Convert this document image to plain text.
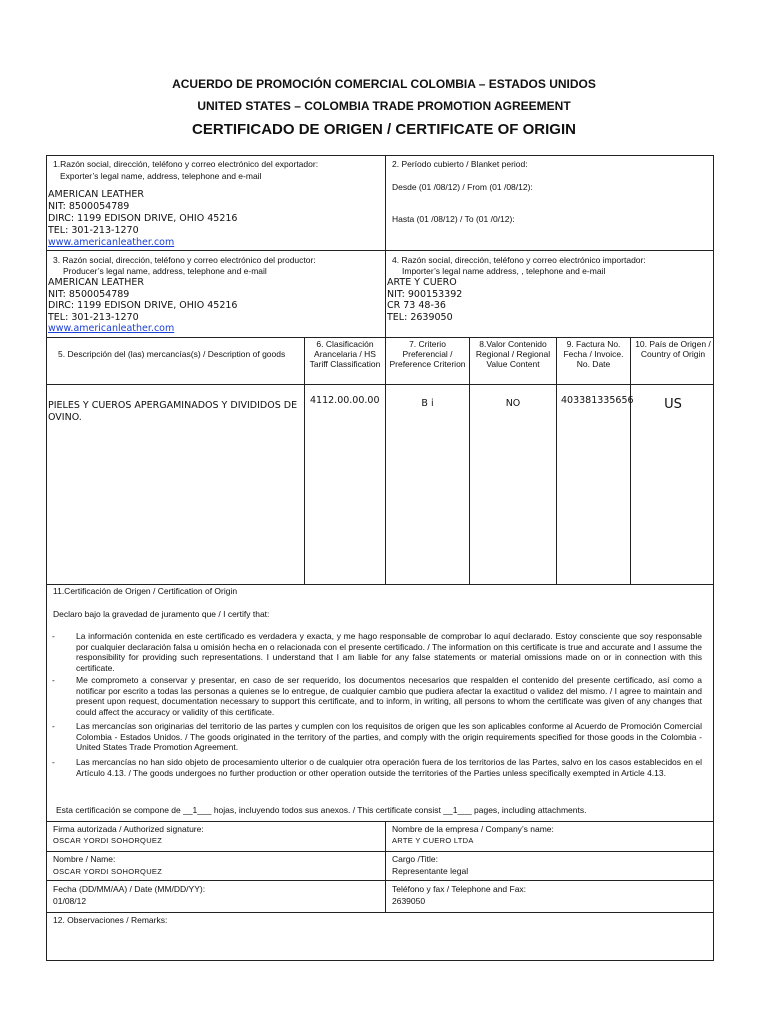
ACUERDO DE PROMOCIÓN COMERCIAL COLOMBIA – ESTADOS UNIDOS
UNITED STATES – COLOMBIA TRADE PROMOTION AGREEMENT
CERTIFICADO DE ORIGEN / CERTIFICATE OF ORIGIN
1.Razón social, dirección, teléfono y correo electrónico del exportador:
Exporter’s legal name, address, telephone and e-mail
AMERICAN LEATHER
NIT: 8500054789
DIRC: 1199 EDISON DRIVE, OHIO 45216
TEL: 301-213-1270
www.americanleather.com
2. Período cubierto / Blanket period:
Desde (01 /08/12) / From (01 /08/12):
Hasta (01 /08/12) / To (01 /0/12):
3. Razón social, dirección, teléfono y correo electrónico del productor:
Producer’s legal name, address, telephone and e-mail
AMERICAN LEATHER
NIT: 8500054789
DIRC: 1199 EDISON DRIVE, OHIO 45216
TEL: 301-213-1270
www.americanleather.com
4. Razón social, dirección, teléfono y correo electrónico importador:
Importer’s legal name address, , telephone and e-mail
ARTE Y CUERO
NIT: 900153392
CR 73 48-36
TEL: 2639050
5. Descripción del (las) mercancías(s) / Description of goods
6. Clasificación Arancelaria / HS Tariff Classification
7. Criterio Preferencial / Preference Criterion
8.Valor Contenido Regional / Regional Value Content
9. Factura No. Fecha / Invoice. No. Date
10. País de Origen / Country of Origin
PIELES Y CUEROS APERGAMINADOS Y DIVIDIDOS DE OVINO.
4112.00.00.00	B i	NO	403381335656	US
11.Certificación de Origen / Certification of Origin
Declaro bajo la gravedad de juramento que / I certify that:
- La información contenida en este certificado es verdadera y exacta, y me hago responsable de comprobar lo aquí declarado. Estoy consciente que soy responsable por cualquier declaración falsa u omisión hecha en o relacionada con el presente certificado. / The information on this certificate is true and accurate and I assume the responsibility for providing such representations. I understand that I am liable for any false statements or material omissions made on or in connection with this certificate.
- Me comprometo a conservar y presentar, en caso de ser requerido, los documentos necesarios que respalden el contenido del presente certificado, así como a notificar por escrito a todas las personas a quienes se lo entregue, de cualquier cambio que pudiera afectar la exactitud o validez del mismo. / I agree to maintain and present upon request, documentation necessary to support this certificate, and to inform, in writing, all persons to whom the certificate was given of any changes that could affect the accuracy or validity of this certificate.
- Las mercancías son originarias del territorio de las partes y cumplen con los requisitos de origen que les son aplicables conforme al Acuerdo de Promoción Comercial Colombia - Estados Unidos. / The goods originated in the territory of the parties, and comply with the origin requirements specified for those goods in the Colombia - United States Trade Promotion Agreement.
- Las mercancías no han sido objeto de procesamiento ulterior o de cualquier otra operación fuera de los territorios de las Partes, salvo en los casos establecidos en el Artículo 4.13. / The goods undergoes no further production or other operation outside the territories of the Parties unless specifically exempted in Article 4.13.
Esta certificación se compone de __1___ hojas, incluyendo todos sus anexos. / This certificate consist __1___ pages, including attachments.
Firma autorizada / Authorized signature:
OSCAR YORDI SOHORQUEZ
Nombre de la empresa / Company’s name:
ARTE Y CUERO LTDA
Nombre / Name:
OSCAR YORDI SOHORQUEZ
Cargo /Title:
Representante legal
Fecha (DD/MM/AA) / Date (MM/DD/YY):
01/08/12
Teléfono y fax / Telephone and Fax:
2639050
12. Observaciones / Remarks:
